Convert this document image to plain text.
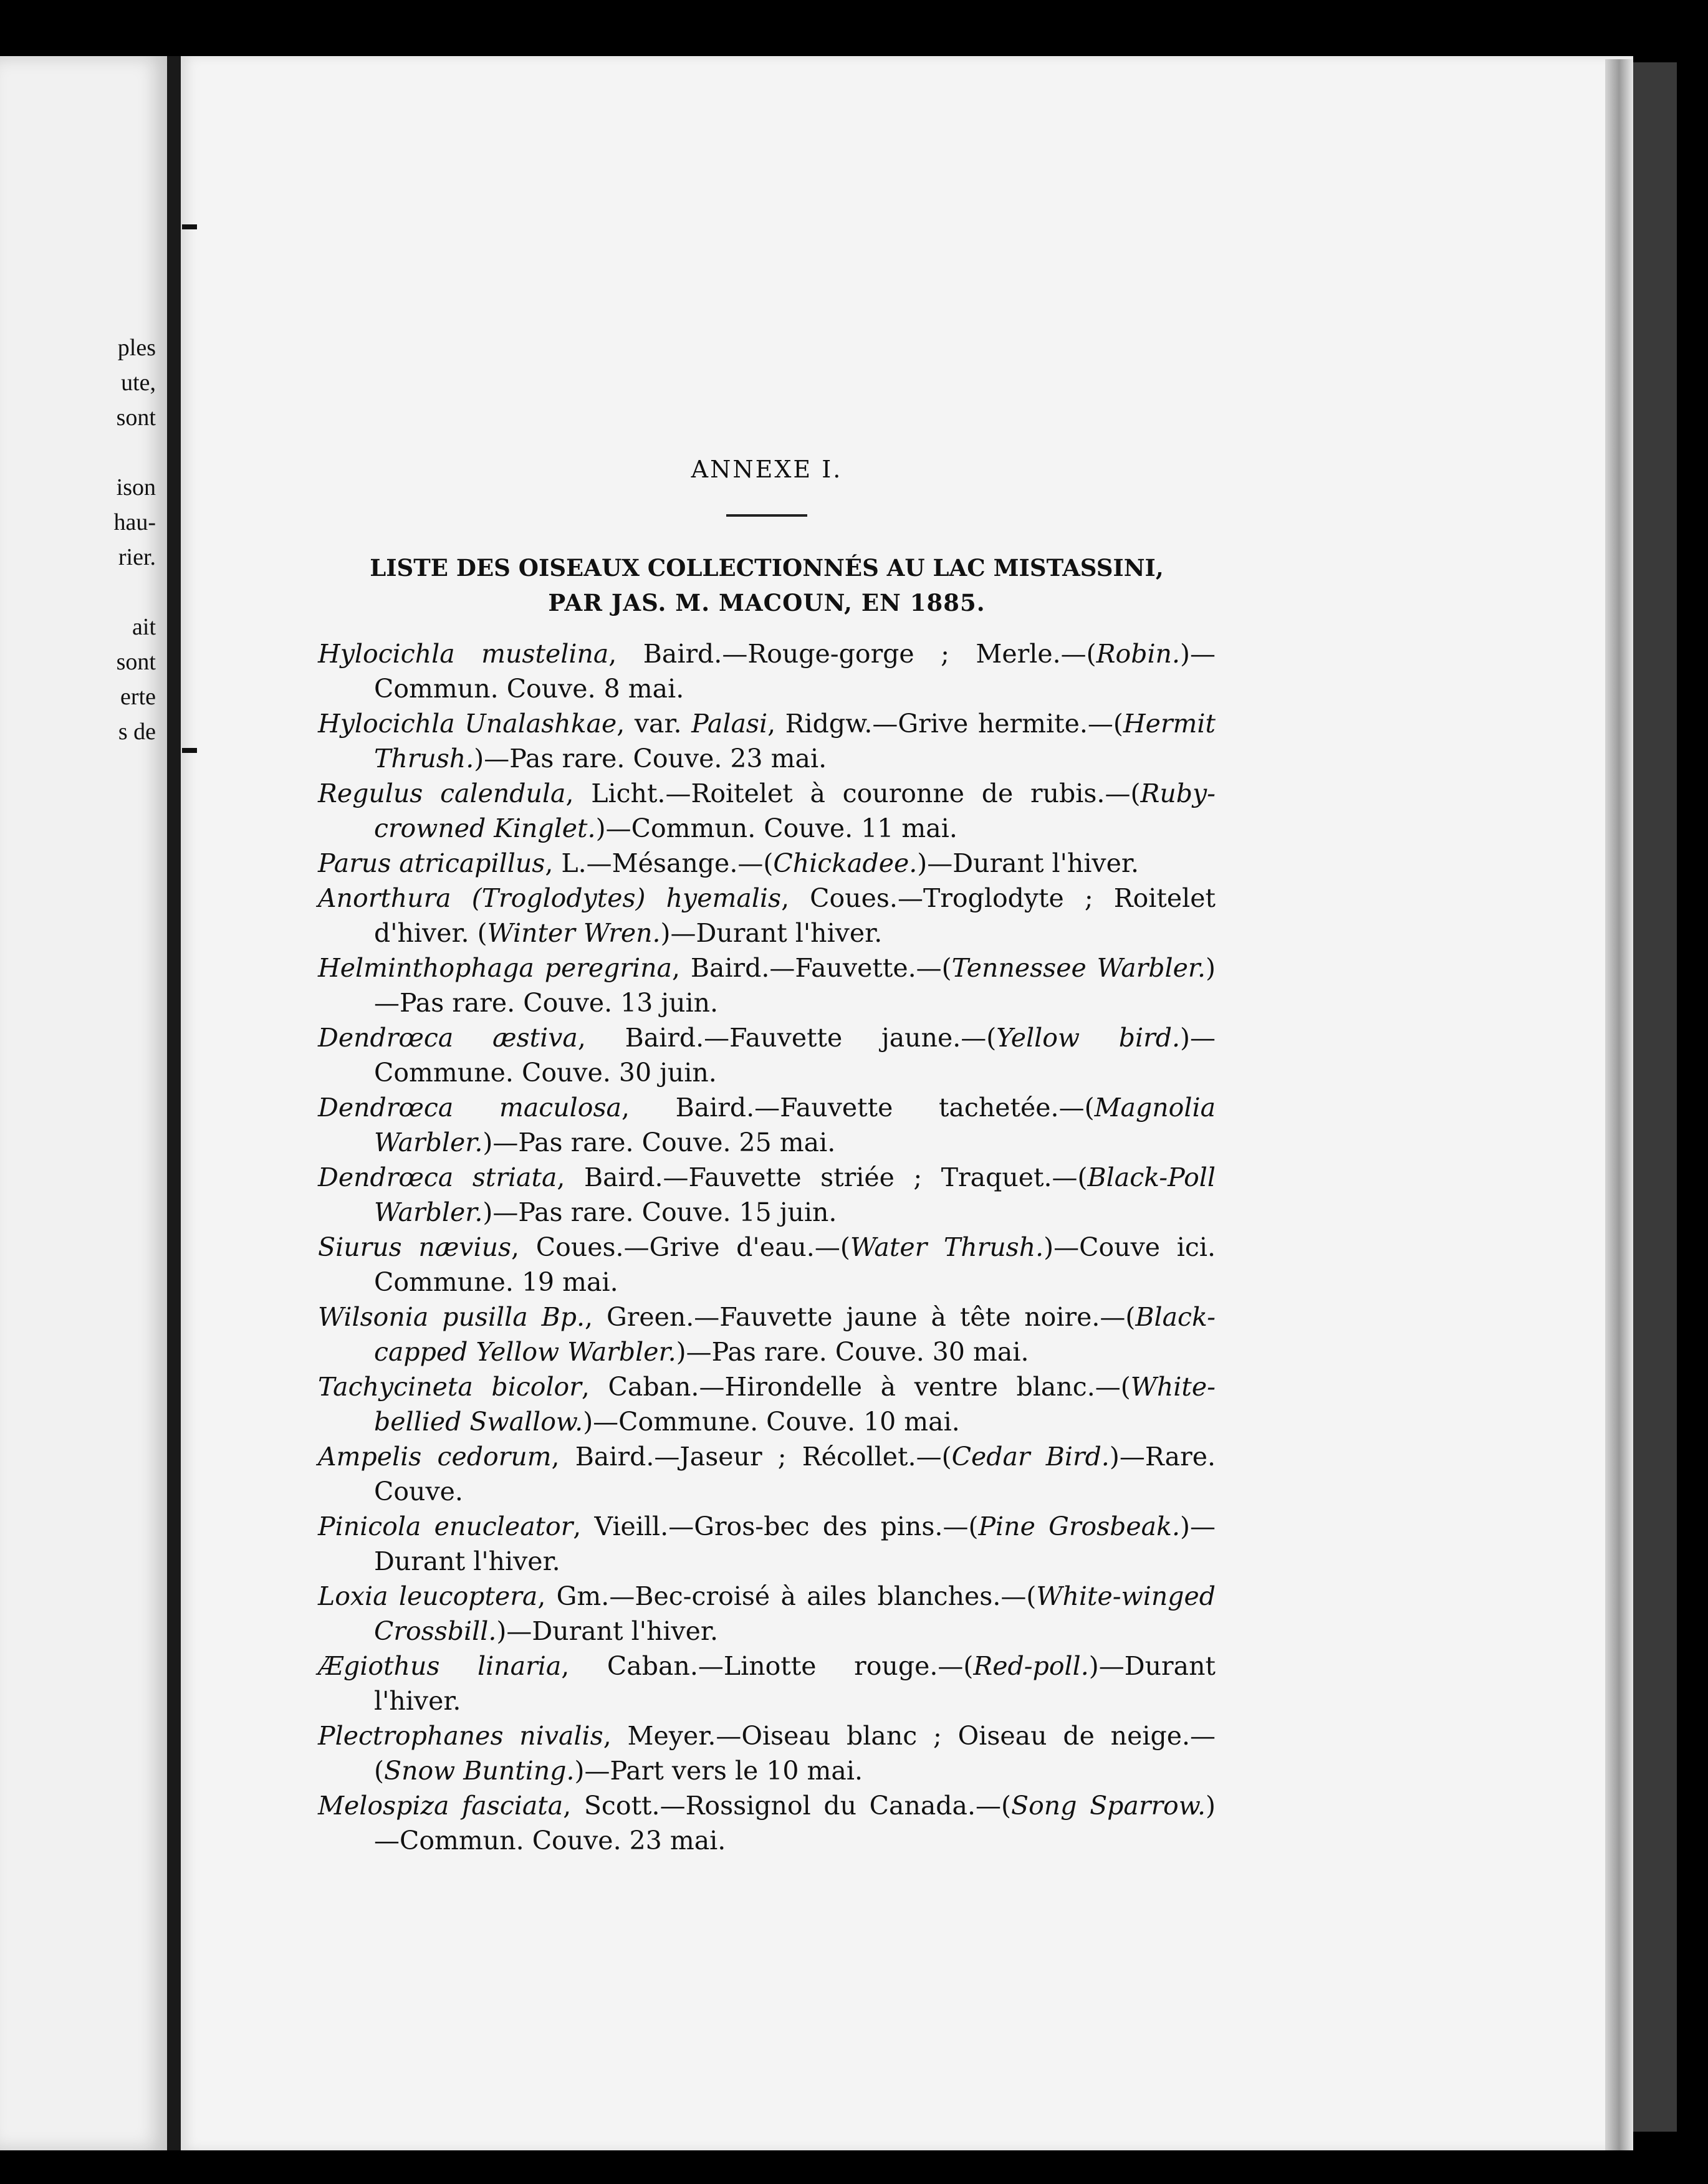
ples
ute,
sont

ison
hau-
rier.

ait
sont
erte
s de
ANNEXE I.
LISTE DES OISEAUX COLLECTIONNÉS AU LAC MISTASSINI,
PAR JAS. M. MACOUN, EN 1885.
Hylocichla mustelina, Baird.—Rouge-gorge ; Merle.—(Robin.)—Commun. Couve. 8 mai.
Hylocichla Unalashkae, var. Palasi, Ridgw.—Grive hermite.—(Hermit Thrush.)—Pas rare. Couve. 23 mai.
Regulus calendula, Licht.—Roitelet à couronne de rubis.—(Ruby-crowned Kinglet.)—Commun. Couve. 11 mai.
Parus atricapillus, L.—Mésange.—(Chickadee.)—Durant l'hiver.
Anorthura (Troglodytes) hyemalis, Coues.—Troglodyte ; Roitelet d'hiver. (Winter Wren.)—Durant l'hiver.
Helminthophaga peregrina, Baird.—Fauvette.—(Tennessee Warbler.)—Pas rare. Couve. 13 juin.
Dendrœca æstiva, Baird.—Fauvette jaune.—(Yellow bird.)—Commune. Couve. 30 juin.
Dendrœca maculosa, Baird.—Fauvette tachetée.—(Magnolia Warbler.)—Pas rare. Couve. 25 mai.
Dendrœca striata, Baird.—Fauvette striée ; Traquet.—(Black-Poll Warbler.)—Pas rare. Couve. 15 juin.
Siurus nævius, Coues.—Grive d'eau.—(Water Thrush.)—Couve ici. Commune. 19 mai.
Wilsonia pusilla Bp., Green.—Fauvette jaune à tête noire.—(Black-capped Yellow Warbler.)—Pas rare. Couve. 30 mai.
Tachycineta bicolor, Caban.—Hirondelle à ventre blanc.—(White-bellied Swallow.)—Commune. Couve. 10 mai.
Ampelis cedorum, Baird.—Jaseur ; Récollet.—(Cedar Bird.)—Rare. Couve.
Pinicola enucleator, Vieill.—Gros-bec des pins.—(Pine Grosbeak.)—Durant l'hiver.
Loxia leucoptera, Gm.—Bec-croisé à ailes blanches.—(White-winged Crossbill.)—Durant l'hiver.
Ægiothus linaria, Caban.—Linotte rouge.—(Red-poll.)—Durant l'hiver.
Plectrophanes nivalis, Meyer.—Oiseau blanc ; Oiseau de neige.—(Snow Bunting.)—Part vers le 10 mai.
Melospiza fasciata, Scott.—Rossignol du Canada.—(Song Sparrow.)—Commun. Couve. 23 mai.
